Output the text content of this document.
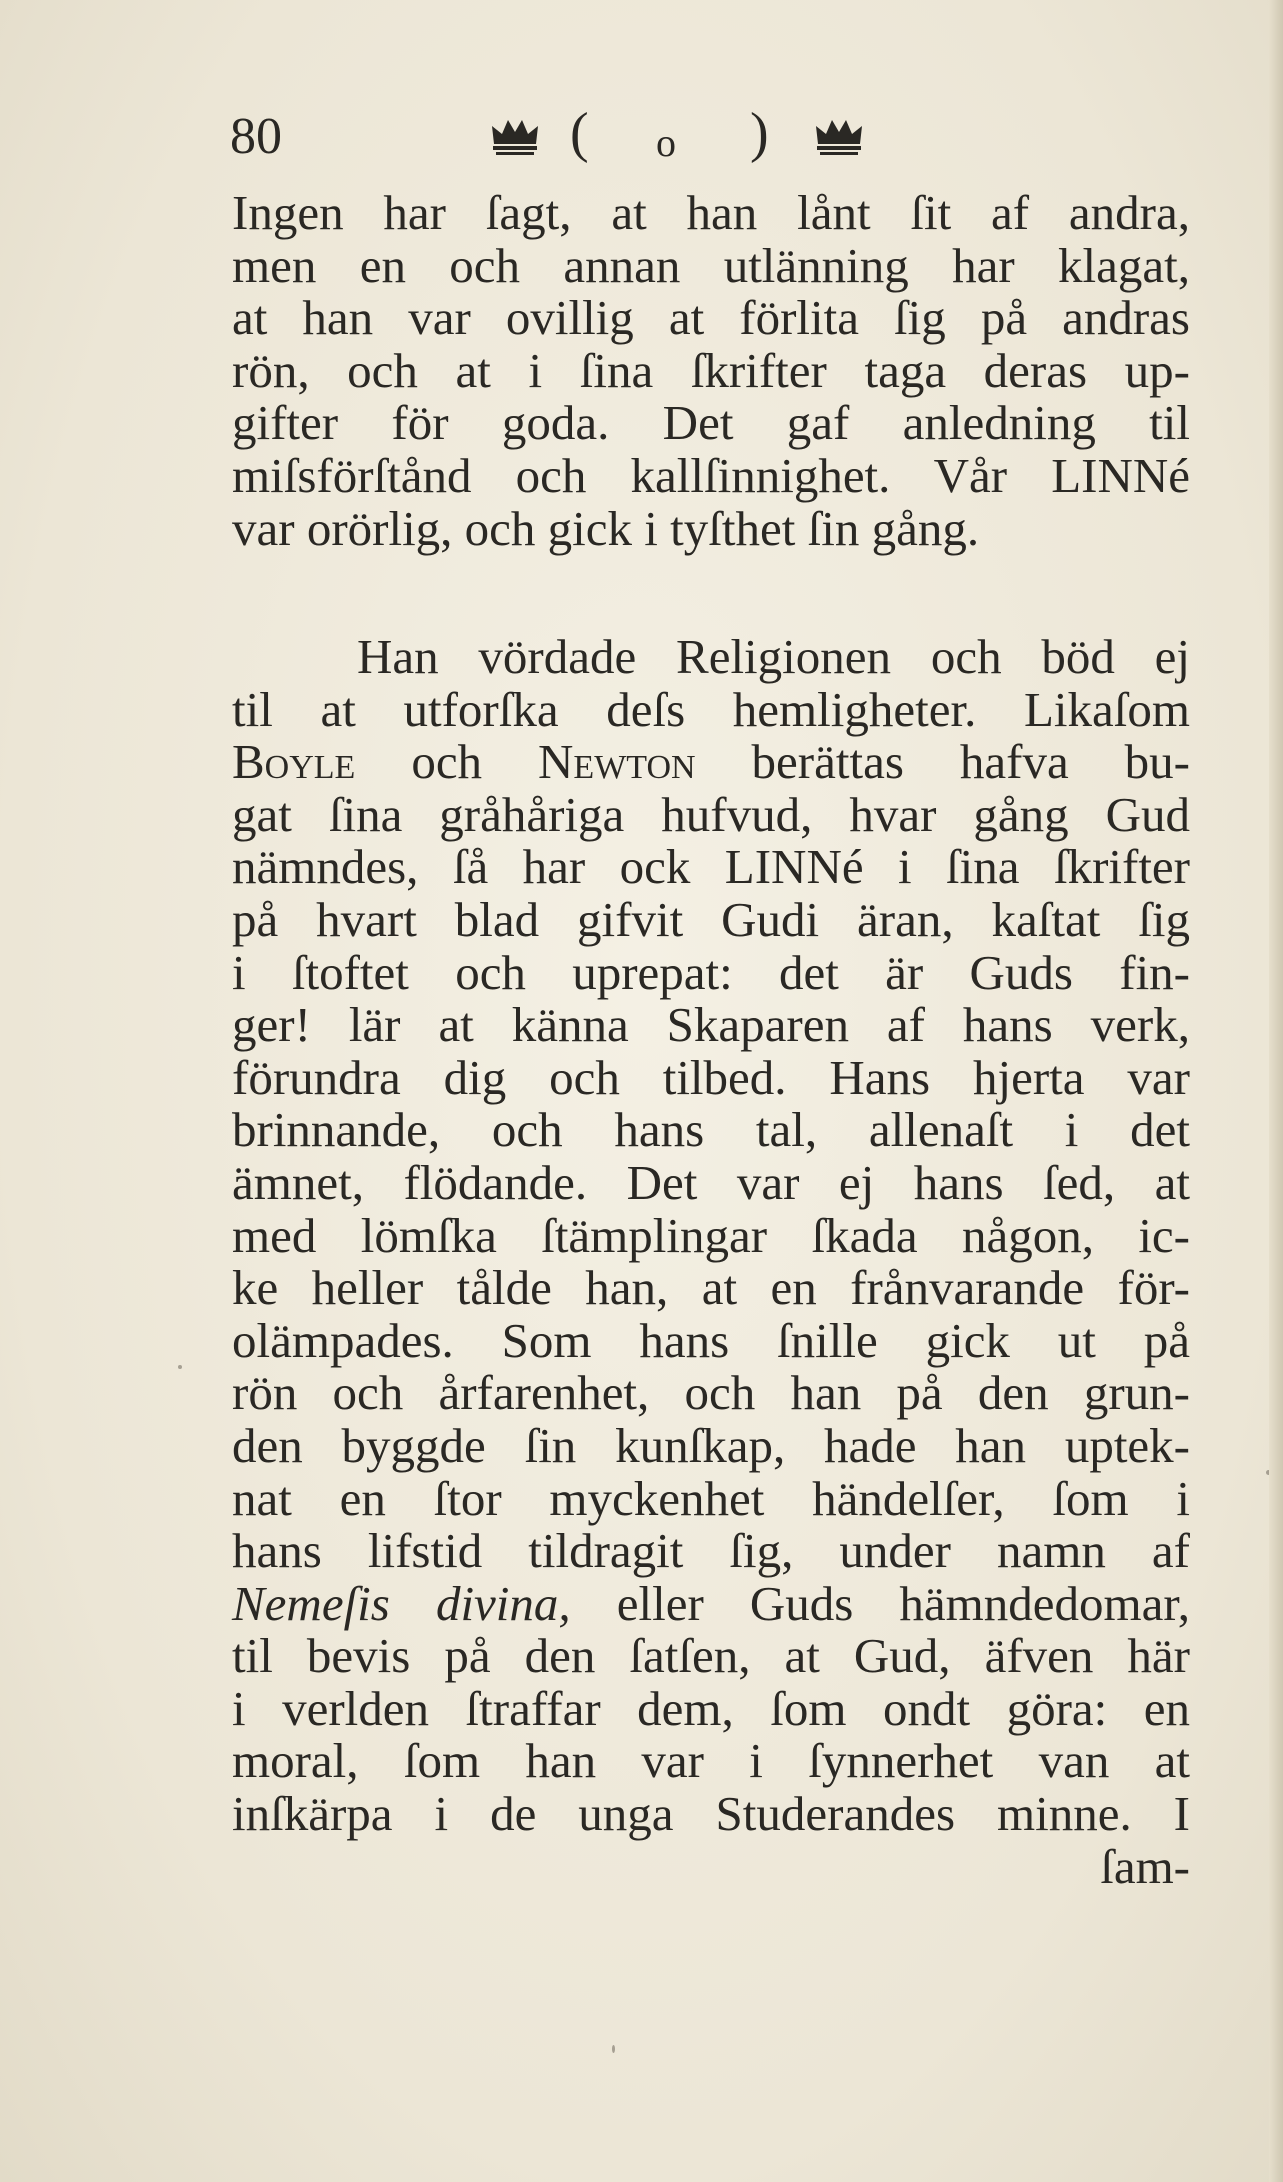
80	( o )
Ingen har ſagt, at han lånt ſit af andra,
men en och annan utlänning har klagat,
at han var ovillig at förlita ſig på andras
rön, och at i ſina ſkrifter taga deras up-
gifter för goda. Det gaf anledning til
miſsförſtånd och kallſinnighet. Vår LINNé
var orörlig, och gick i tyſthet ſin gång.
Han vördade Religionen och böd ej
til at utforſka deſs hemligheter. Likaſom
Boyle och Newton berättas hafva bu-
gat ſina gråhåriga hufvud, hvar gång Gud
nämndes, ſå har ock LINNé i ſina ſkrifter
på hvart blad gifvit Gudi äran, kaſtat ſig
i ſtoftet och uprepat: det är Guds fin-
ger! lär at känna Skaparen af hans verk,
förundra dig och tilbed. Hans hjerta var
brinnande, och hans tal, allenaſt i det
ämnet, flödande. Det var ej hans ſed, at
med lömſka ſtämplingar ſkada någon, ic-
ke heller tålde han, at en frånvarande för-
olämpades. Som hans ſnille gick ut på
rön och årfarenhet, och han på den grun-
den byggde ſin kunſkap, hade han uptek-
nat en ſtor myckenhet händelſer, ſom i
hans lifstid tildragit ſig, under namn af
Nemeſis divina, eller Guds hämndedomar,
til bevis på den ſatſen, at Gud, äfven här
i verlden ſtraffar dem, ſom ondt göra: en
moral, ſom han var i ſynnerhet van at
inſkärpa i de unga Studerandes minne. I
ſam-
